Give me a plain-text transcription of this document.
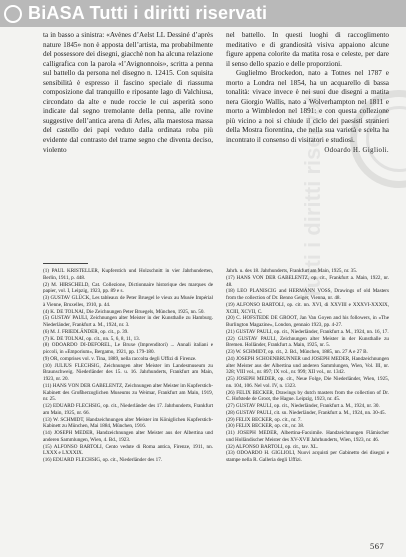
BiASA Tutti i diritti riservati
Tutti i diritti riservati

ta in basso a sinistra: «Avènes d’Aelst LL Dessiné d’après nature 1845» non è apposta dell’artista, ma probabilmente del possessore dei disegni, giacchè non ha alcuna relazione calligrafica con la parola «l’Avignonnois», scritta a penna sul battello da persona nel disegno n. 12415. Con squisita sensibilità è espresso il fascino speciale di riassuma composizione dal tranquillo e riposante lago di Valchiusa, circondato da alte e nude roccie le cui asperità sono indicate dal segno tremolante della penna, alle rovine suggestive dell’antica arena di Arles, alla maestosa massa del castello dei papi veduto dalla ordinata roba più evidente dal contrasto del trame segno che diventa deciso, violento

nel battello. In questi luoghi di raccoglimento meditativo e di grandiosità visiva appaiono alcune figure appena colorite da matita rosa e celeste, per dare il senso dello spazio e delle proporzioni.

Guglielmo Brockedon, nato a Totnes nel 1787 e morto a Londra nel 1854, ha un acquarello di bassa tonalità: vivace invece è nei suoi due disegni a matita nera Giorgio Wallis, nato a Wolverhampton nel 1811 e morto a Wimbledon nel 1891: e con questa collezione più vicino a noi si chiude il ciclo dei paesisti stranieri della Mostra fiorentina, che nella sua varietà e scelta ha incontrato il consenso di visitatori e studiosi.

Odoardo H. Giglioli.

(1) PAUL KRISTELLER, Kupferstich und Holzschnitt in vier Jahrhunderten, Berlin, 1911, p. 448.

(2) M. HIRSCHELD, Cat. Collezione, Dictionnaire historique des marques de papier, vol. I, Leipzig, 1923, pp. 89 e s.

(3) GUSTAV GLÜCK, Les tableaux de Peter Bruegel le vieux au Musée Impérial à Vienne, Bruxelles, 1910, p. 44.

(4) K. DE TOLNAI, Die Zeichnungen Peter Bruegels, München, 1925, nn. 50.

(5) GUSTAV PAULI, Zeichnungen alter Meister in der Kunsthalle zu Hamburg. Niederländer, Frankfurt a. M., 1924, nr. 3.

(6) M. J. FRIEDLÄNDER, op. cit., p. 39.

(7) K. DE TOLNAI, op. cit., nn. 5, 6, 8, 11, 13.

(8) ODOARDO DI-DEFOREL, Le Bruxe (Imprenditori) ... Annali italiani e piccoli, in «Emporium», Bergamo, 1921, pp. 179-180.

(9) OR, comprises vol. v. Tina, 1889, nella raccolta degli Uffizi di Firenze.

(10) JULIUS FLECHSIG, Zeichnungen alter Meister im Landesmuseum zu Braunschweig. Niederländer des 15. u. 16. Jahrhunderts, Frankfurt am Main, 1923, nr. 20.

(11) HANS VON DER GABELENTZ, Zeichnungen alter Meister im Kupferstich-Kabinett des Großherzoglichen Museums zu Weimar, Frankfurt am Main, 1919, nr. 25.

(12) EDUARD FLECHSIG, op. cit., Niederländer des 17. Jahrhunderts, Frankfurt am Main, 1925, nr. 66.

(13) W. SCHMIDT, Handzeichnungen alter Meister im Königlichen Kupferstich-Kabinett zu München, Mai 1884, München, 1916.

(14) JOSEPH MEDER, Handzeichnungen alter Meister aus der Albertina und anderen Sammlungen, Wien, 4. Bd., 1923.

(15) ALFONSO BARTOLI, Cento vedute di Roma antica, Firenze, 1911, nn. LXXX e LXXXIX.

(16) EDUARD FLECHSIG, op. cit., Niederländer des 17.

Jahrh. u. des 18. Jahrhunderts, Frankfurt am Main, 1925, nr. 35.

(17) HANS VON DER GABELENTZ, op. cit., Frankfurt a. Main, 1922, nr. 48.

(18) LEO PLANISCIG and HERMANN VOSS, Drawings of old Masters from the collection of Dr. Benno Geiger, Vienna, nr. 48.

(19) ALFONSO BARTOLI, op. cit. nn. XVI, di XXVIII e XXXVI-XXXIX, XCIII, XCVII, C.

(20) C. HOFSTEDE DE GROOT, Jan Van Goyen and his followers, in «The Burlington Magazine», London, gennaio 1923, pp. 4-27.

(21) GUSTAV PAULI, op. cit., Niederländer, Frankfurt a. M., 1924, nn. 16, 17.

(22) GUSTAV PAULI, Zeichnungen alter Meister in der Kunsthalle zu Bremen. Holländer, Frankfurt a. Main, 1925, nr. 5.

(23) W. SCHMIDT, op. cit., 2. Bd., München, 1885, nn. 27 A e 27 B.

(24) JOSEPH SCHOENBRUNNER und JOSEPH MEDER, Handzeichnungen alter Meister aus der Albertina und anderen Sammlungen, Wien, Vol. III, nr. 328; VIII vol., nr. 897; IX vol., nr. 999; XII vol., nr. 1342.

(25) JOSEPH MEDER, op. cit., Neue Folge, Die Niederländer, Wien, 1925, nn. 104, 106. Nel vol. IV, n. 1323.

(26) FELIX BECKER, Drawings by dutch masters from the collection of Dr. C. Hofstede de Groot, the Hague. Leipzig, 1923, nr. 45.

(27) GUSTAV PAULI, op. cit., Niederländer, Frankfurt a. M., 1924, nr. 30.

(28) GUSTAV PAULI, cit. sn. Niederländer, Frankfurt a. M., 1924, nn. 30-45.

(29) FELIX BECKER, op. cit., nr. 7.

(30) FELIX BECKER, op. cit., nr. 38.

(31) JOSEPH MEDER, Albertina-Facsimile. Handzeichnungen Flämischer und Holländischer Meister des XV-XVII Jahrhunderts, Wien, 1923, nr. 46.

(32) ALFONSO BARTOLI, op. cit., tav. XL.

(33) ODOARDO H. GIGLIOLI, Nuovi acquisti per Gabinetto dei disegni e stampe nella R. Galleria degli Uffizi.

567
